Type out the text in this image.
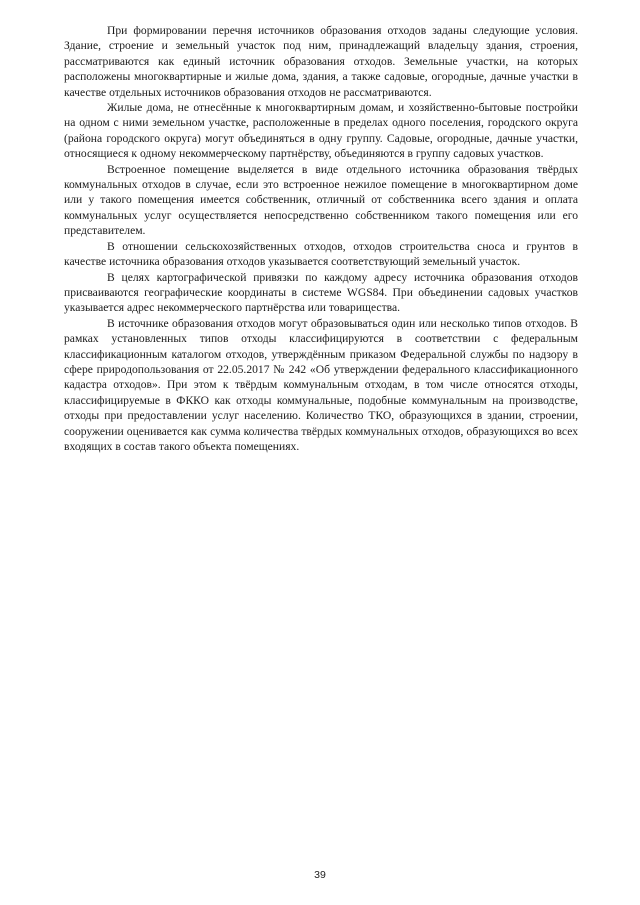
При формировании перечня источников образования отходов заданы следующие условия. Здание, строение и земельный участок под ним, принадлежащий владельцу здания, строения, рассматриваются как единый источник образования отходов. Земельные участки, на которых расположены многоквартирные и жилые дома, здания, а также садовые, огородные, дачные участки в качестве отдельных источников образования отходов не рассматриваются.

Жилые дома, не отнесённые к многоквартирным домам, и хозяйственно-бытовые постройки на одном с ними земельном участке, расположенные в пределах одного поселения, городского округа (района городского округа) могут объединяться в одну группу. Садовые, огородные, дачные участки, относящиеся к одному некоммерческому партнёрству, объединяются в группу садовых участков.

Встроенное помещение выделяется в виде отдельного источника образования твёрдых коммунальных отходов в случае, если это встроенное нежилое помещение в многоквартирном доме или у такого помещения имеется собственник, отличный от собственника всего здания и оплата коммунальных услуг осуществляется непосредственно собственником такого помещения или его представителем.

В отношении сельскохозяйственных отходов, отходов строительства сноса и грунтов в качестве источника образования отходов указывается соответствующий земельный участок.

В целях картографической привязки по каждому адресу источника образования отходов присваиваются географические координаты в системе WGS84. При объединении садовых участков указывается адрес некоммерческого партнёрства или товарищества.

В источнике образования отходов могут образовываться один или несколько типов отходов. В рамках установленных типов отходы классифицируются в соответствии с федеральным классификационным каталогом отходов, утверждённым приказом Федеральной службы по надзору в сфере природопользования от 22.05.2017 № 242 «Об утверждении федерального классификационного кадастра отходов». При этом к твёрдым коммунальным отходам, в том числе относятся отходы, классифицируемые в ФККО как отходы коммунальные, подобные коммунальным на производстве, отходы при предоставлении услуг населению. Количество ТКО, образующихся в здании, строении, сооружении оценивается как сумма количества твёрдых коммунальных отходов, образующихся во всех входящих в состав такого объекта помещениях.

39
